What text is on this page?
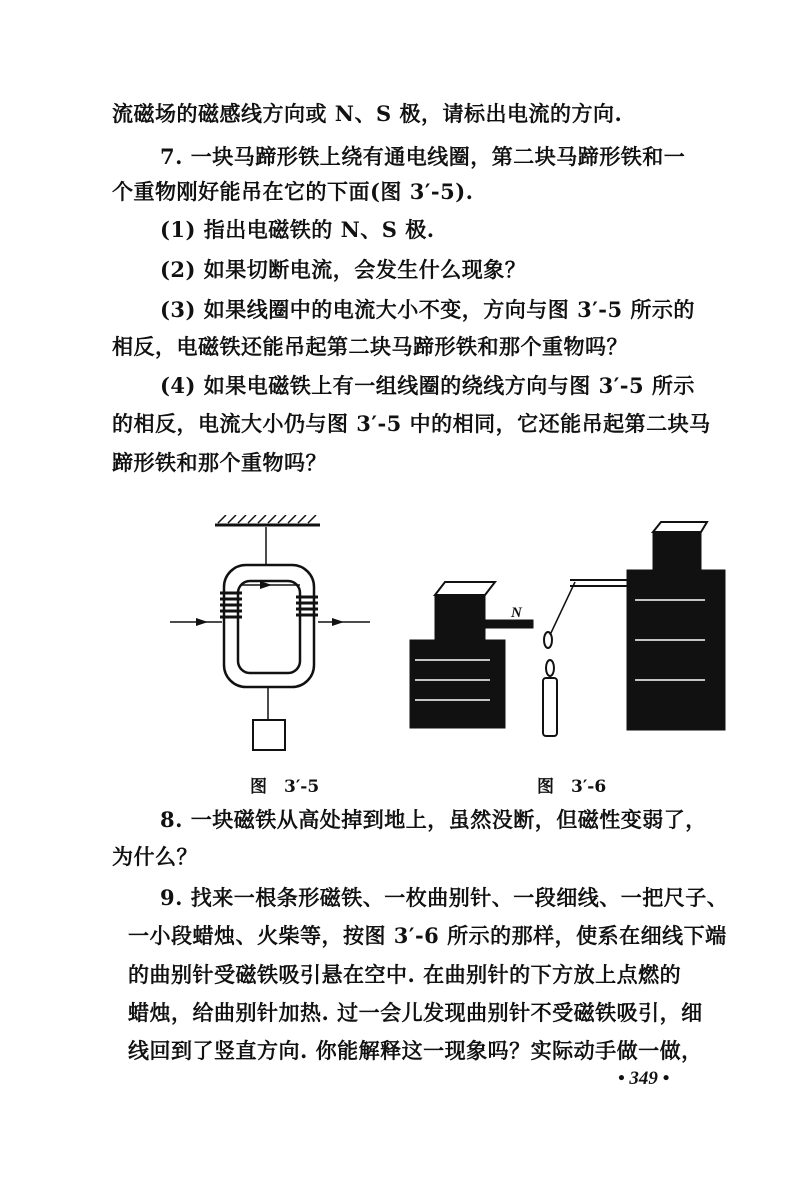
流磁场的磁感线方向或 N、S 极，请标出电流的方向.
7. 一块马蹄形铁上绕有通电线圈，第二块马蹄形铁和一
个重物刚好能吊在它的下面(图 3′-5).
(1) 指出电磁铁的 N、S 极.
(2) 如果切断电流，会发生什么现象？
(3) 如果线圈中的电流大小不变，方向与图 3′-5 所示的
相反，电磁铁还能吊起第二块马蹄形铁和那个重物吗？
(4) 如果电磁铁上有一组线圈的绕线方向与图 3′-5 所示
的相反，电流大小仍与图 3′-5 中的相同，它还能吊起第二块马
蹄形铁和那个重物吗？
N
图　3′-5	图　3′-6
8. 一块磁铁从高处掉到地上，虽然没断，但磁性变弱了，
为什么？
9. 找来一根条形磁铁、一枚曲别针、一段细线、一把尺子、
一小段蜡烛、火柴等，按图 3′-6 所示的那样，使系在细线下端
的曲别针受磁铁吸引悬在空中. 在曲别针的下方放上点燃的
蜡烛，给曲别针加热. 过一会儿发现曲别针不受磁铁吸引，细
线回到了竖直方向. 你能解释这一现象吗？实际动手做一做，
• 349 •
